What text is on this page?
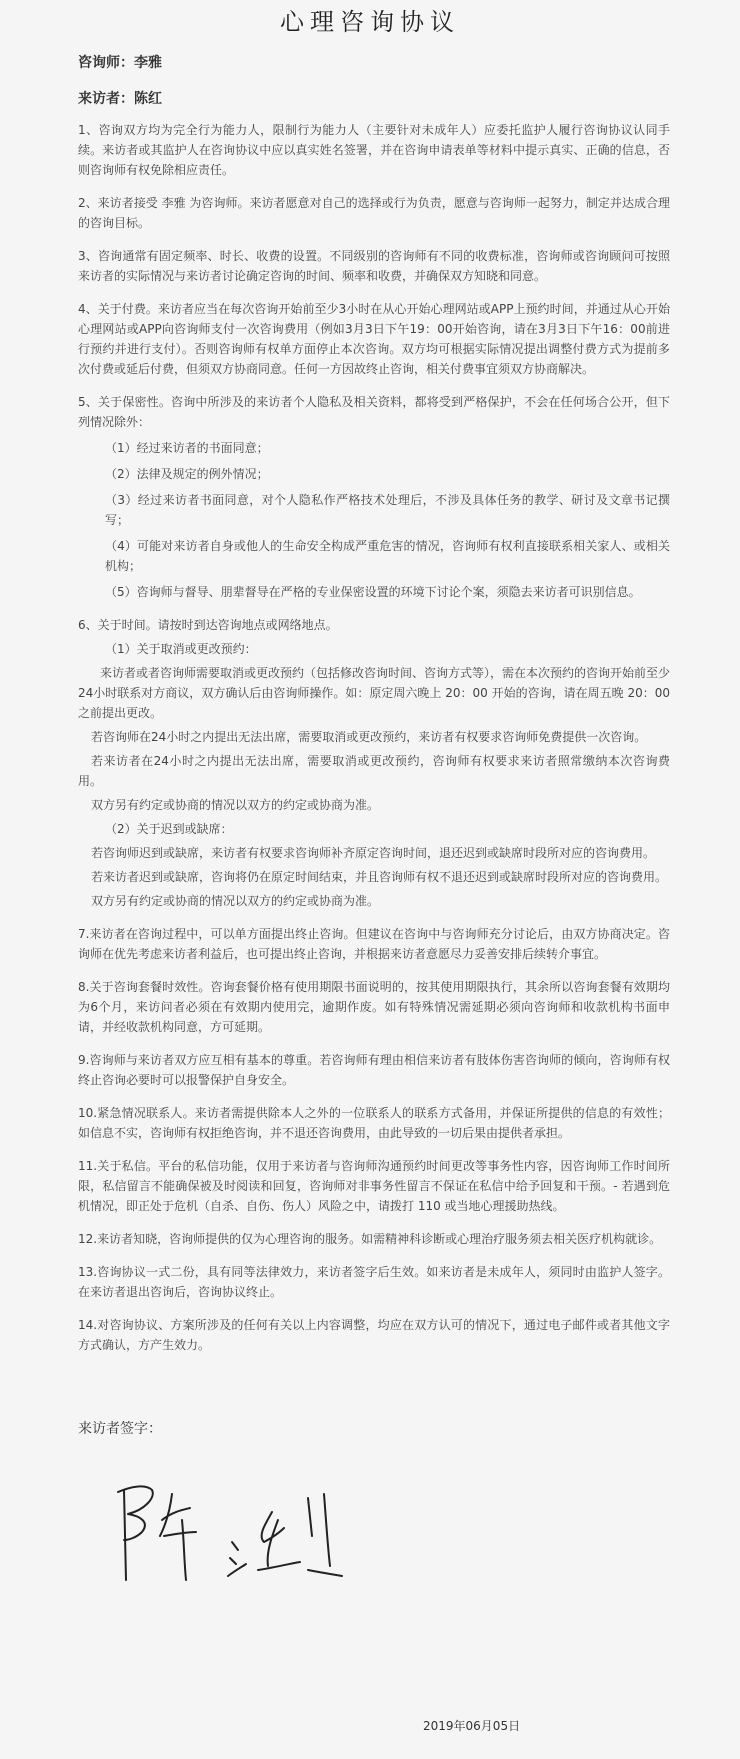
心理咨询协议
咨询师：李雅
来访者：陈红

1、咨询双方均为完全行为能力人，限制行为能力人（主要针对未成年人）应委托监护人履行咨询协议认同手续。来访者或其监护人在咨询协议中应以真实姓名签署，并在咨询申请表单等材料中提示真实、正确的信息，否则咨询师有权免除相应责任。

2、来访者接受 李雅 为咨询师。来访者愿意对自己的选择或行为负责，愿意与咨询师一起努力，制定并达成合理的咨询目标。

3、咨询通常有固定频率、时长、收费的设置。不同级别的咨询师有不同的收费标准，咨询师或咨询顾问可按照来访者的实际情况与来访者讨论确定咨询的时间、频率和收费，并确保双方知晓和同意。

4、关于付费。来访者应当在每次咨询开始前至少3小时在从心开始心理网站或APP上预约时间，并通过从心开始心理网站或APP向咨询师支付一次咨询费用（例如3月3日下午19：00开始咨询，请在3月3日下午16：00前进行预约并进行支付）。否则咨询师有权单方面停止本次咨询。双方均可根据实际情况提出调整付费方式为提前多次付费或延后付费，但须双方协商同意。任何一方因故终止咨询，相关付费事宜须双方协商解决。

5、关于保密性。咨询中所涉及的来访者个人隐私及相关资料，都将受到严格保护，不会在任何场合公开，但下列情况除外：

（1）经过来访者的书面同意；

（2）法律及规定的例外情况；

（3）经过来访者书面同意，对个人隐私作严格技术处理后，不涉及具体任务的教学、研讨及文章书记撰写；

（4）可能对来访者自身或他人的生命安全构成严重危害的情况，咨询师有权利直接联系相关家人、或相关机构；

（5）咨询师与督导、朋辈督导在严格的专业保密设置的环境下讨论个案，须隐去来访者可识别信息。

6、关于时间。请按时到达咨询地点或网络地点。

（1）关于取消或更改预约：

来访者或者咨询师需要取消或更改预约（包括修改咨询时间、咨询方式等），需在本次预约的咨询开始前至少24小时联系对方商议，双方确认后由咨询师操作。如：原定周六晚上 20：00 开始的咨询，请在周五晚 20：00 之前提出更改。

若咨询师在24小时之内提出无法出席，需要取消或更改预约，来访者有权要求咨询师免费提供一次咨询。

若来访者在24小时之内提出无法出席，需要取消或更改预约，咨询师有权要求来访者照常缴纳本次咨询费用。

双方另有约定或协商的情况以双方的约定或协商为准。

（2）关于迟到或缺席：

若咨询师迟到或缺席，来访者有权要求咨询师补齐原定咨询时间，退还迟到或缺席时段所对应的咨询费用。

若来访者迟到或缺席，咨询将仍在原定时间结束，并且咨询师有权不退还迟到或缺席时段所对应的咨询费用。

双方另有约定或协商的情况以双方的约定或协商为准。

7.来访者在咨询过程中，可以单方面提出终止咨询。但建议在咨询中与咨询师充分讨论后，由双方协商决定。咨询师在优先考虑来访者利益后，也可提出终止咨询，并根据来访者意愿尽力妥善安排后续转介事宜。

8.关于咨询套餐时效性。咨询套餐价格有使用期限书面说明的，按其使用期限执行，其余所以咨询套餐有效期均为6个月，来访问者必须在有效期内使用完，逾期作废。如有特殊情况需延期必须向咨询师和收款机构书面申请，并经收款机构同意，方可延期。

9.咨询师与来访者双方应互相有基本的尊重。若咨询师有理由相信来访者有肢体伤害咨询师的倾向，咨询师有权终止咨询必要时可以报警保护自身安全。

10.紧急情况联系人。来访者需提供除本人之外的一位联系人的联系方式备用，并保证所提供的信息的有效性；如信息不实，咨询师有权拒绝咨询，并不退还咨询费用，由此导致的一切后果由提供者承担。

11.关于私信。平台的私信功能，仅用于来访者与咨询师沟通预约时间更改等事务性内容，因咨询师工作时间所限，私信留言不能确保被及时阅读和回复，咨询师对非事务性留言不保证在私信中给予回复和干预。- 若遇到危机情况，即正处于危机（自杀、自伤、伤人）风险之中，请拨打 110 或当地心理援助热线。

12.来访者知晓，咨询师提供的仅为心理咨询的服务。如需精神科诊断或心理治疗服务须去相关医疗机构就诊。

13.咨询协议一式二份，具有同等法律效力，来访者签字后生效。如来访者是未成年人，须同时由监护人签字。在来访者退出咨询后，咨询协议终止。

14.对咨询协议、方案所涉及的任何有关以上内容调整，均应在双方认可的情况下，通过电子邮件或者其他文字方式确认，方产生效力。

来访者签字：
2019年06月05日
